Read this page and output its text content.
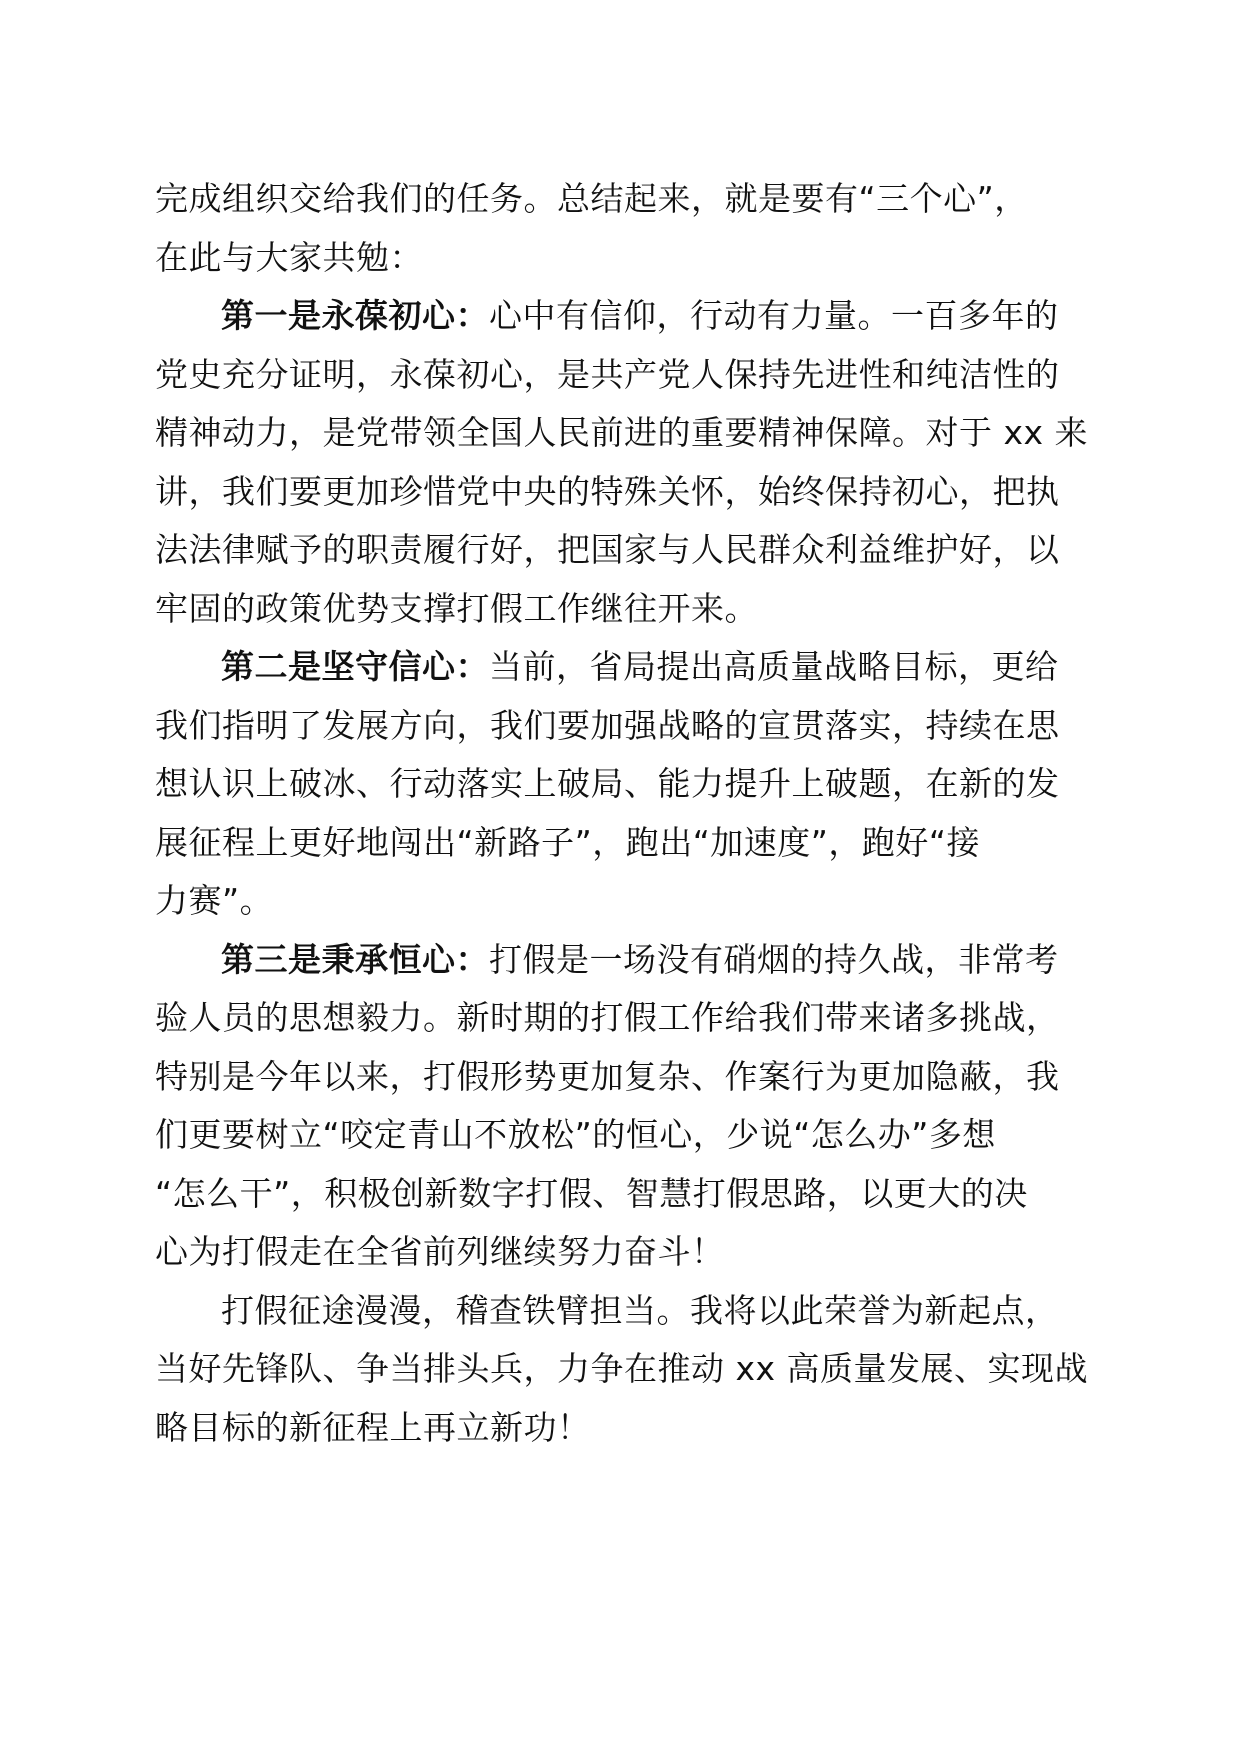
完成组织交给我们的任务。总结起来，就是要有“三个心”，
在此与大家共勉：
第一是永葆初心：心中有信仰，行动有力量。一百多年的
党史充分证明，永葆初心，是共产党人保持先进性和纯洁性的
精神动力，是党带领全国人民前进的重要精神保障。对于 xx 来
讲，我们要更加珍惜党中央的特殊关怀，始终保持初心，把执
法法律赋予的职责履行好，把国家与人民群众利益维护好，以
牢固的政策优势支撑打假工作继往开来。
第二是坚守信心：当前，省局提出高质量战略目标，更给
我们指明了发展方向，我们要加强战略的宣贯落实，持续在思
想认识上破冰、行动落实上破局、能力提升上破题，在新的发
展征程上更好地闯出“新路子”，跑出“加速度”，跑好“接
力赛”。
第三是秉承恒心：打假是一场没有硝烟的持久战，非常考
验人员的思想毅力。新时期的打假工作给我们带来诸多挑战，
特别是今年以来，打假形势更加复杂、作案行为更加隐蔽，我
们更要树立“咬定青山不放松”的恒心，少说“怎么办”多想
“怎么干”，积极创新数字打假、智慧打假思路，以更大的决
心为打假走在全省前列继续努力奋斗！
打假征途漫漫，稽查铁臂担当。我将以此荣誉为新起点，
当好先锋队、争当排头兵，力争在推动 xx 高质量发展、实现战
略目标的新征程上再立新功！
